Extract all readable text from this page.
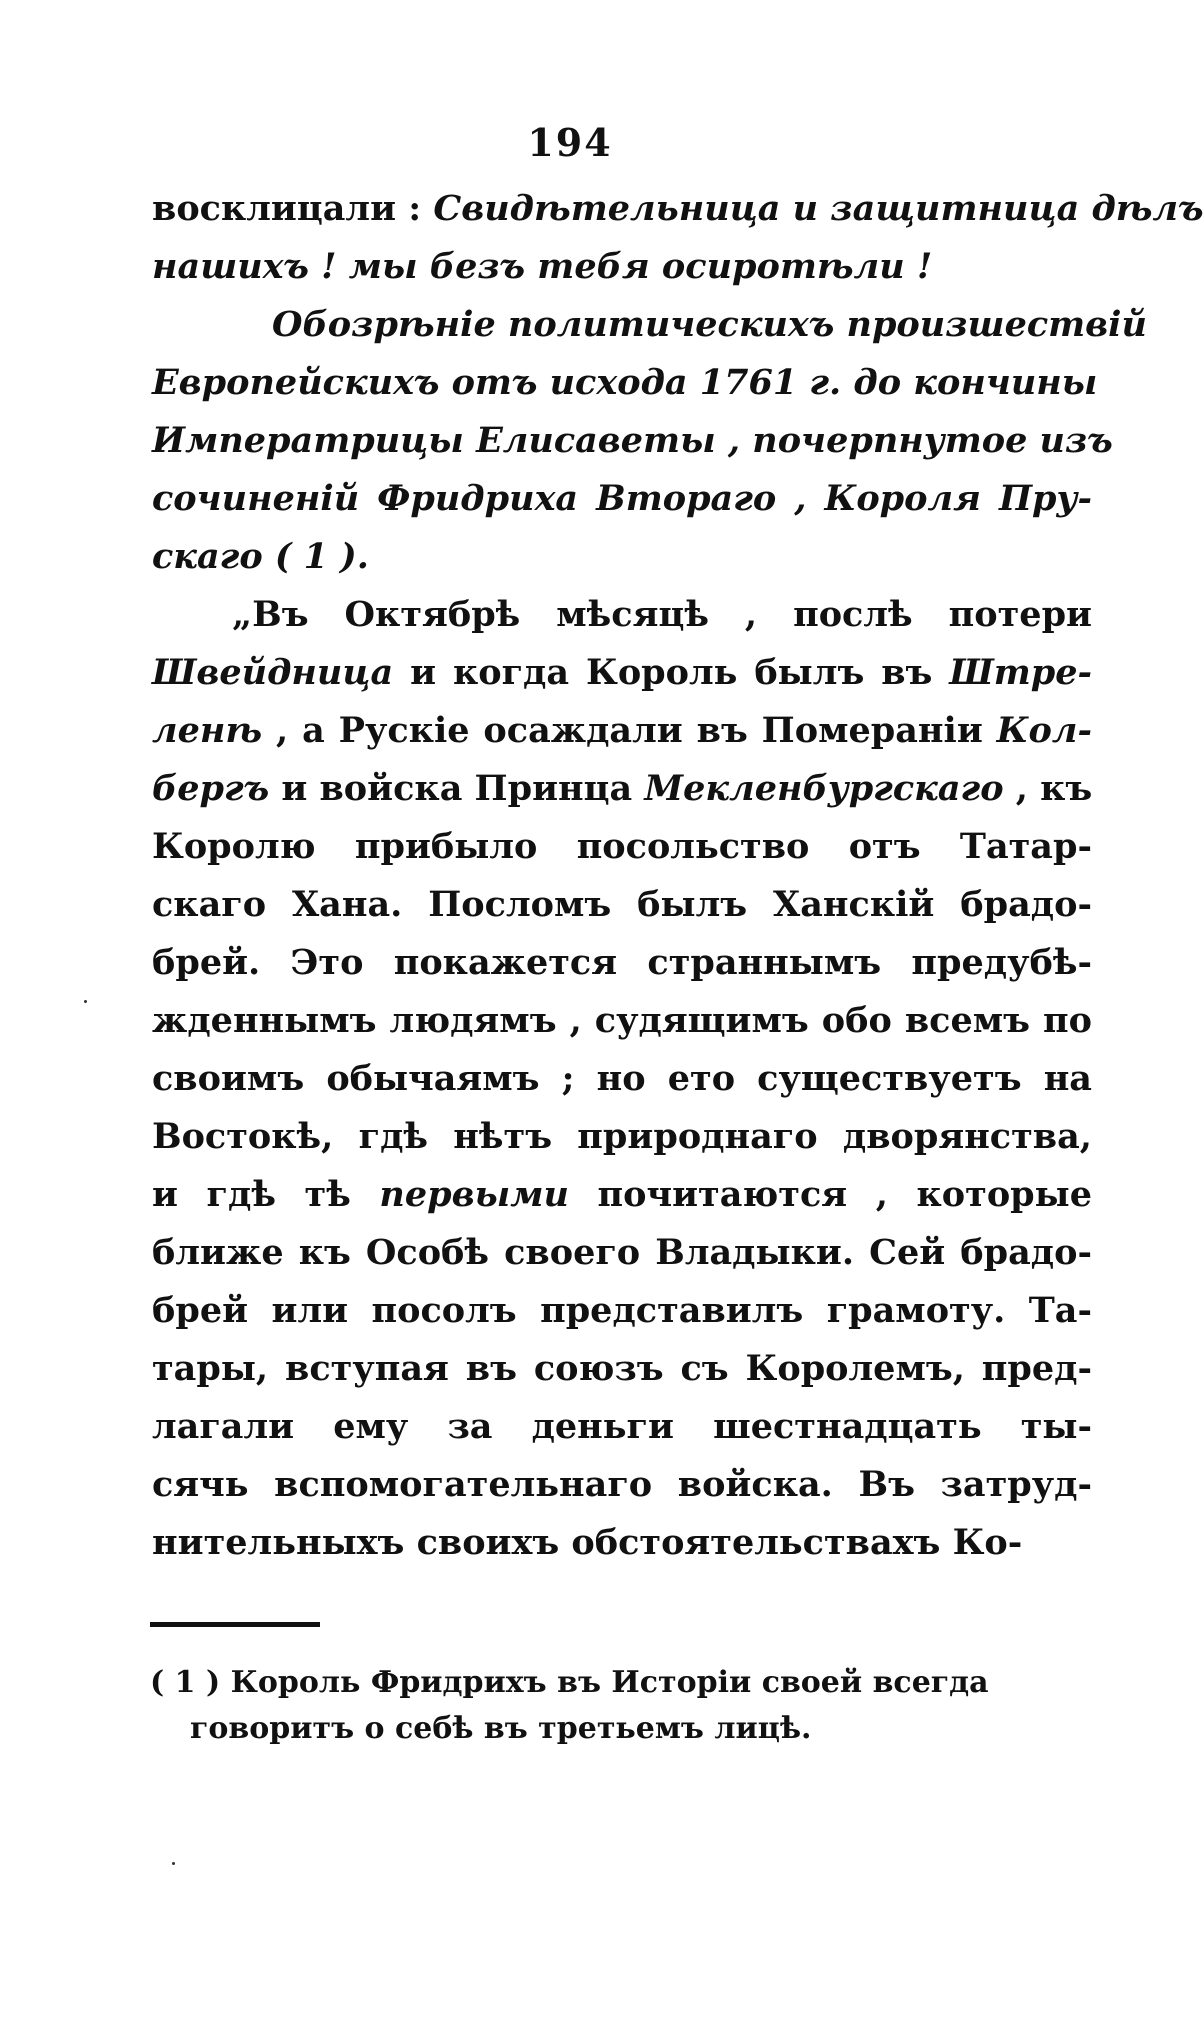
194
восклицали : Свидѣтельница и защитница дѣлъ
нашихъ ! мы безъ тебя осиротѣли !
Обозрѣніе политическихъ произшествій
Европейскихъ отъ исхода 1761 г. до кончины
Императрицы Елисаветы , почерпнутое изъ
сочиненій Фридриха Втораго , Короля Пру-
скаго ( 1 ).
„Въ Октябрѣ мѣсяцѣ , послѣ потери
Швейдница и когда Король былъ въ Штре-
ленѣ , а Рускіе осаждали въ Помераніи Кол-
бергъ и войска Принца Мекленбургскаго , къ
Королю прибыло посольство отъ Татар-
скаго Хана. Посломъ былъ Ханскій брадо-
брей. Это покажется страннымъ предубѣ-
жденнымъ людямъ , судящимъ обо всемъ по
своимъ обычаямъ ; но ето существуетъ на
Востокѣ, гдѣ нѣтъ природнаго дворянства,
и гдѣ тѣ первыми почитаются , которые
ближе къ Особѣ своего Владыки. Сей брадо-
брей или посолъ представилъ грамоту. Та-
тары, вступая въ союзъ съ Королемъ, пред-
лагали ему за деньги шестнадцать ты-
сячь вспомогательнаго войска. Въ затруд-
нительныхъ своихъ обстоятельствахъ Ко-
( 1 ) Король Фридрихъ въ Исторіи своей всегда
говоритъ о себѣ въ третьемъ лицѣ.
